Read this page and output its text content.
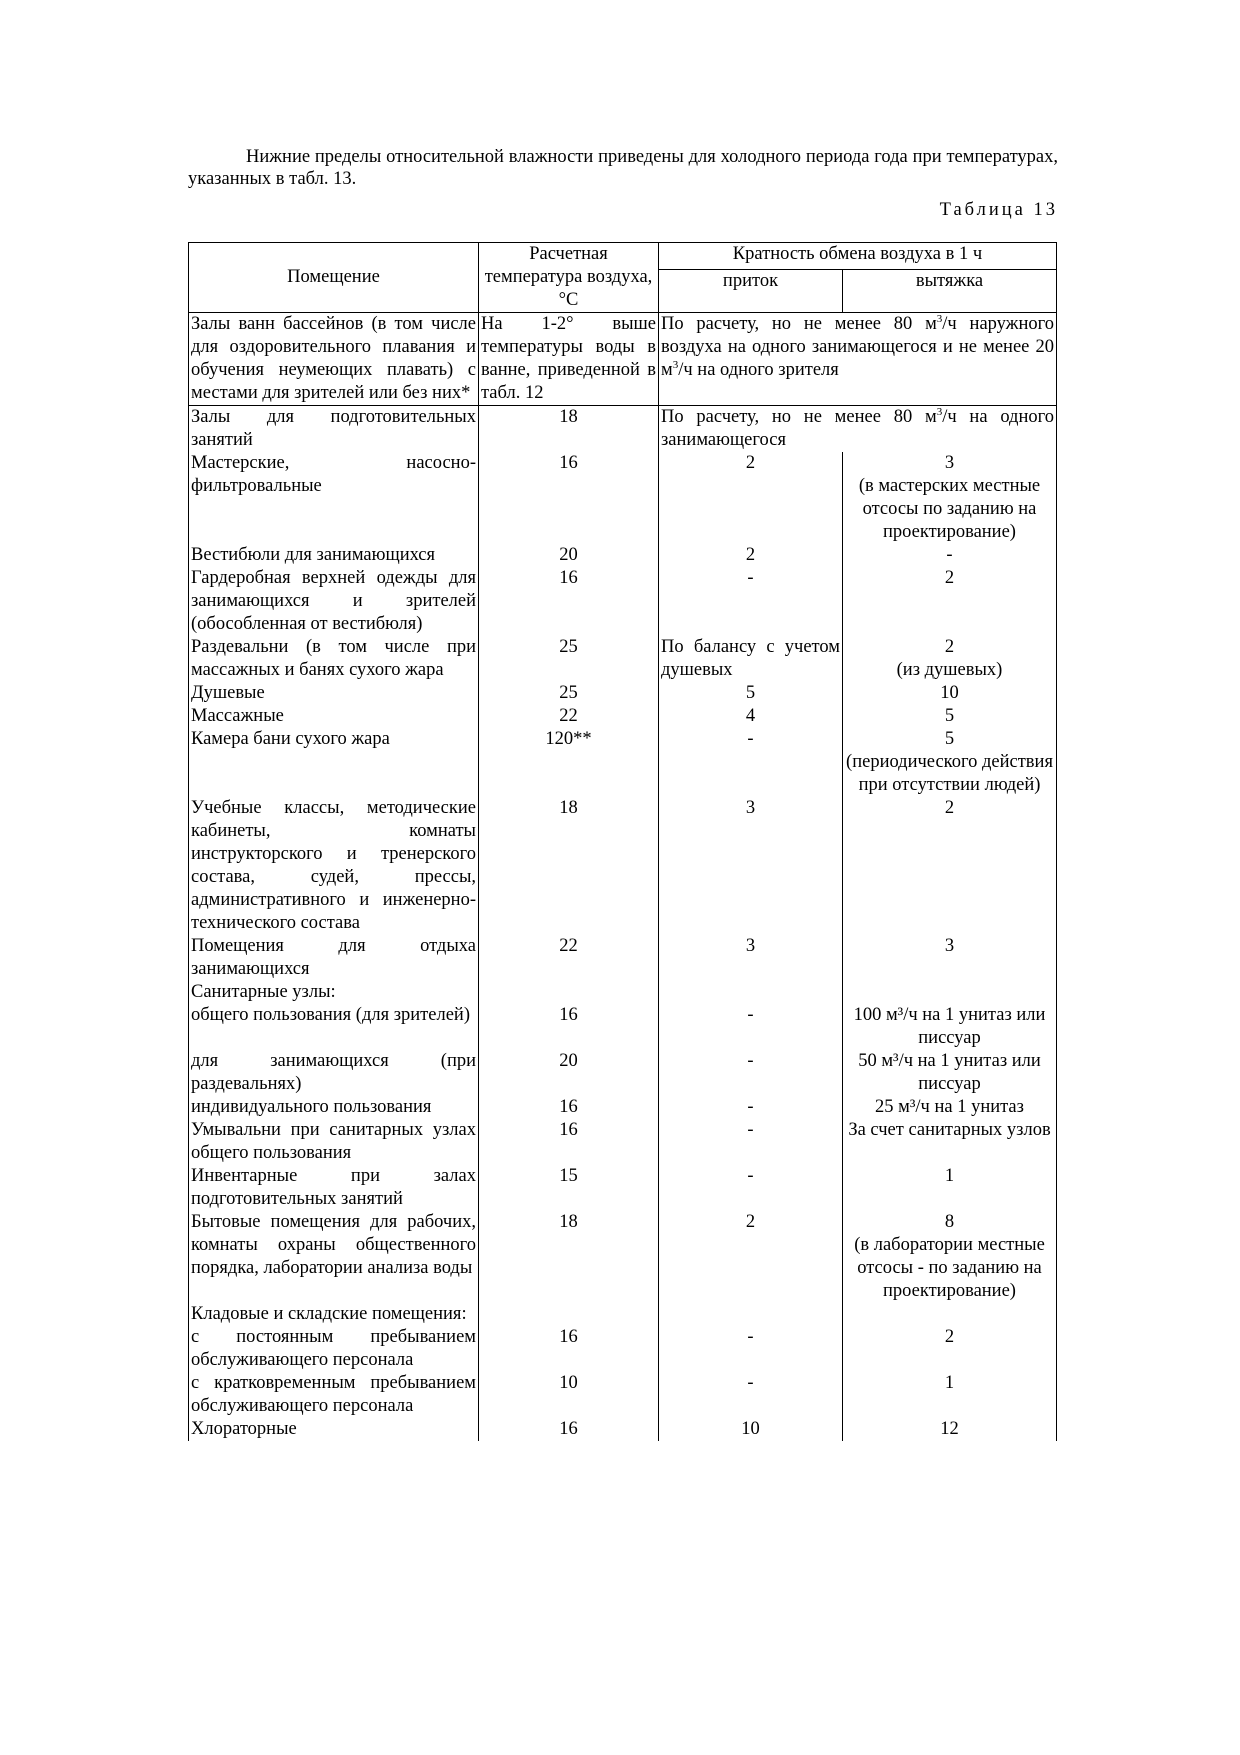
Нижние пределы относительной влажности приведены для холодного периода года при температурах, указанных в табл. 13.

Таблица 13
Помещение	Расчетная температура воздуха, °С	Кратность обмена воздуха в 1 ч	
		приток	вытяжка
Залы ванн бассейнов (в том числе для оздоровительного плавания и обучения неумеющих плавать) с местами для зрителей или без них*	На 1-2° выше температуры воды в ванне, приведенной в табл. 12	По расчету, но не менее 80 $м^3/ч$ наружного воздуха на одного занимающегося и не менее 20 $м^3/ч$ на одного зрителя	
Залы для подготовительных занятий	18	По расчету, но не менее 80 $м^3/ч$ на одного занимающегося	
Мастерские, насосно-фильтровальные	16	2	3
(в мастерских местные отсосы по заданию на проектирование)
Вестибюли для занимающихся	20	2	-
Гардеробная верхней одежды для занимающихся и зрителей (обособленная от вестибюля)	16	-	2
Раздевальни (в том числе при массажных и банях сухого жара	25	По балансу с учетом душевых	2
(из душевых)
Душевые	25	5	10
Массажные	22	4	5
Камера бани сухого жара	120**	-	5
(периодического действия при отсутствии людей)
Учебные классы, методические кабинеты, комнаты инструкторского и тренерского состава, судей, прессы, административного и инженерно-технического состава	18	3	2
Помещения для отдыха занимающихся	22	3	3
Санитарные узлы:			
общего пользования (для зрителей)	16	-	100 м³/ч на 1 унитаз или писсуар
для занимающихся (при раздевальнях)	20	-	50 м³/ч на 1 унитаз или писсуар
индивидуального пользования	16	-	25 м³/ч на 1 унитаз
Умывальни при санитарных узлах общего пользования	16	-	За счет санитарных узлов
Инвентарные при залах подготовительных занятий	15	-	1
Бытовые помещения для рабочих, комнаты охраны общественного порядка, лаборатории анализа воды	18	2	8
(в лаборатории местные отсосы - по заданию на проектирование)
Кладовые и складские помещения:			
с постоянным пребыванием обслуживающего персонала	16	-	2
с кратковременным пребыванием обслуживающего персонала	10	-	1
Хлораторные	16	10	12
